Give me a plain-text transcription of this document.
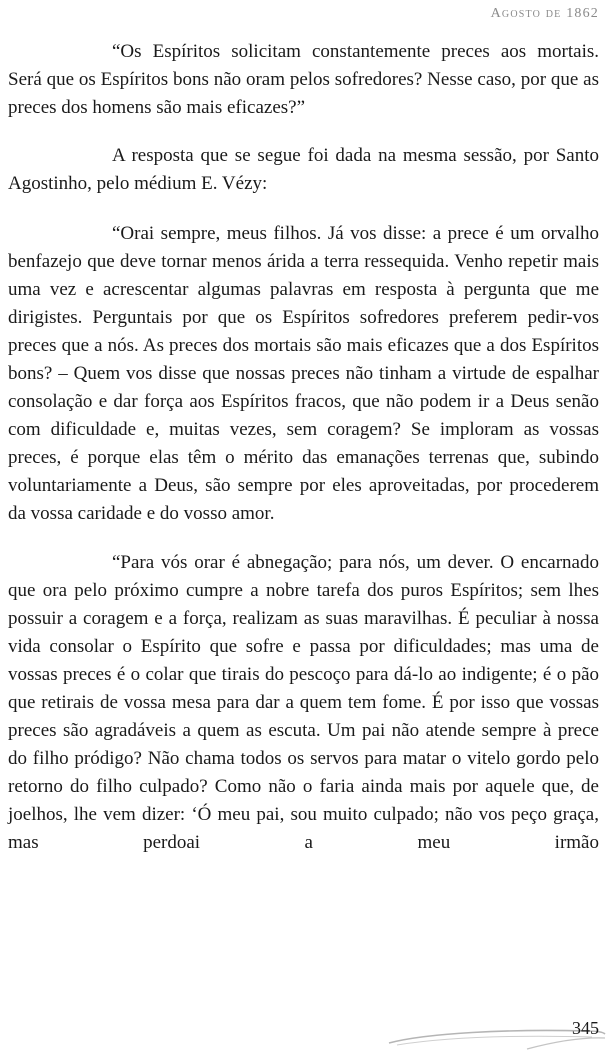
Agosto de 1862

“Os Espíritos solicitam constantemente preces aos mortais. Será que os Espíritos bons não oram pelos sofredores? Nesse caso, por que as preces dos homens são mais eficazes?”

A resposta que se segue foi dada na mesma sessão, por Santo Agostinho, pelo médium E. Vézy:

“Orai sempre, meus filhos. Já vos disse: a prece é um orvalho benfazejo que deve tornar menos árida a terra ressequida. Venho repetir mais uma vez e acrescentar algumas palavras em resposta à pergunta que me dirigistes. Perguntais por que os Espíritos sofredores preferem pedir-vos preces que a nós. As preces dos mortais são mais eficazes que a dos Espíritos bons? – Quem vos disse que nossas preces não tinham a virtude de espalhar consolação e dar força aos Espíritos fracos, que não podem ir a Deus senão com dificuldade e, muitas vezes, sem coragem? Se imploram as vossas preces, é porque elas têm o mérito das emanações terrenas que, subindo voluntariamente a Deus, são sempre por eles aproveitadas, por procederem da vossa caridade e do vosso amor.

“Para vós orar é abnegação; para nós, um dever. O encarnado que ora pelo próximo cumpre a nobre tarefa dos puros Espíritos; sem lhes possuir a coragem e a força, realizam as suas maravilhas. É peculiar à nossa vida consolar o Espírito que sofre e passa por dificuldades; mas uma de vossas preces é o colar que tirais do pescoço para dá-lo ao indigente; é o pão que retirais de vossa mesa para dar a quem tem fome. É por isso que vossas preces são agradáveis a quem as escuta. Um pai não atende sempre à prece do filho pródigo? Não chama todos os servos para matar o vitelo gordo pelo retorno do filho culpado? Como não o faria ainda mais por aquele que, de joelhos, lhe vem dizer: ‘Ó meu pai, sou muito culpado; não vos peço graça, mas perdoai a meu irmão

345
